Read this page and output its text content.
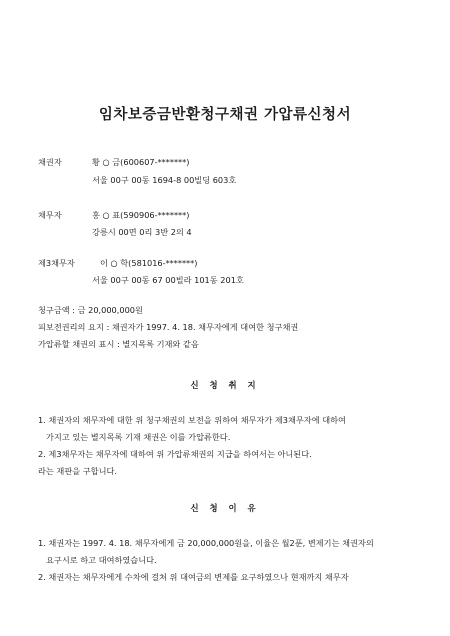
임차보증금반환청구채권 가압류신청서
채권자	황 ○ 금(600607-*******)
서울 00구 00동 1694-8 00빌딩 603호
채무자	홍 ○ 표(590906-*******)
강릉시 00면 0리 3반 2의 4
제3채무자	이 ○ 학(581016-*******)
서울 00구 00동 67 00빌라 101동 201호
청구금액 : 금 20,000,000원
피보전권리의 요지 : 채권자가 1997. 4. 18. 채무자에게 대여한 청구채권
가압류할 채권의 표시 : 별지목록 기재와 같음
신 청 취 지
1. 채권자의 채무자에 대한 위 청구채권의 보전을 위하여 채무자가 제3채무자에 대하여
가지고 있는 별지목록 기재 채권은 이를 가압류한다.
2. 제3채무자는 채무자에 대하여 위 가압류채권의 지급을 하여서는 아니된다.
라는 재판을 구합니다.
신 청 이 유
1. 채권자는 1997. 4. 18. 채무자에게 금 20,000,000원을, 이율은 월2푼, 변제기는 채권자의
요구시로 하고 대여하였습니다.
2. 채권자는 채무자에게 수차에 걸쳐 위 대여금의 변제를 요구하였으나 현재까지 채무자
